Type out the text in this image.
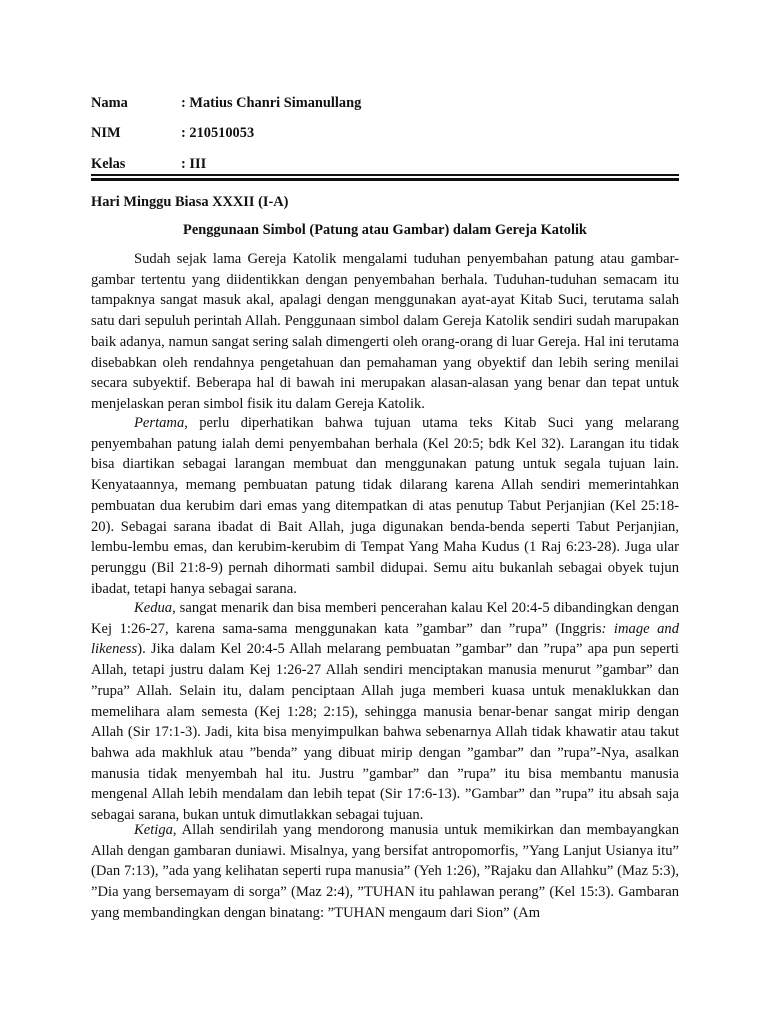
Nama	: Matius Chanri Simanullang
NIM	: 210510053
Kelas	: III
Hari Minggu Biasa XXXII (I-A)
Penggunaan Simbol (Patung atau Gambar) dalam Gereja Katolik

Sudah sejak lama Gereja Katolik mengalami tuduhan penyembahan patung atau gambar-gambar tertentu yang diidentikkan dengan penyembahan berhala. Tuduhan-tuduhan semacam itu tampaknya sangat masuk akal, apalagi dengan menggunakan ayat-ayat Kitab Suci, terutama salah satu dari sepuluh perintah Allah. Penggunaan simbol dalam Gereja Katolik sendiri sudah marupakan baik adanya, namun sangat sering salah dimengerti oleh orang-orang di luar Gereja. Hal ini terutama disebabkan oleh rendahnya pengetahuan dan pemahaman yang obyektif dan lebih sering menilai secara subyektif. Beberapa hal di bawah ini merupakan alasan-alasan yang benar dan tepat untuk menjelaskan peran simbol fisik itu dalam Gereja Katolik.

Pertama, perlu diperhatikan bahwa tujuan utama teks Kitab Suci yang melarang penyembahan patung ialah demi penyembahan berhala (Kel 20:5; bdk Kel 32). Larangan itu tidak bisa diartikan sebagai larangan membuat dan menggunakan patung untuk segala tujuan lain. Kenyataannya, memang pembuatan patung tidak dilarang karena Allah sendiri memerintahkan pembuatan dua kerubim dari emas yang ditempatkan di atas penutup Tabut Perjanjian (Kel 25:18-20). Sebagai sarana ibadat di Bait Allah, juga digunakan benda-benda seperti Tabut Perjanjian, lembu-lembu emas, dan kerubim-kerubim di Tempat Yang Maha Kudus (1 Raj 6:23-28). Juga ular perunggu (Bil 21:8-9) pernah dihormati sambil didupai. Semu aitu bukanlah sebagai obyek tujun ibadat, tetapi hanya sebagai sarana.

Kedua, sangat menarik dan bisa memberi pencerahan kalau Kel 20:4-5 dibandingkan dengan Kej 1:26-27, karena sama-sama menggunakan kata ”gambar” dan ”rupa” (Inggris: image and likeness). Jika dalam Kel 20:4-5 Allah melarang pembuatan ”gambar” dan ”rupa” apa pun seperti Allah, tetapi justru dalam Kej 1:26-27 Allah sendiri menciptakan manusia menurut ”gambar” dan ”rupa” Allah. Selain itu, dalam penciptaan Allah juga memberi kuasa untuk menaklukkan dan memelihara alam semesta (Kej 1:28; 2:15), sehingga manusia benar-benar sangat mirip dengan Allah (Sir 17:1-3). Jadi, kita bisa menyimpulkan bahwa sebenarnya Allah tidak khawatir atau takut bahwa ada makhluk atau ”benda” yang dibuat mirip dengan ”gambar” dan ”rupa”-Nya, asalkan manusia tidak menyembah hal itu. Justru ”gambar” dan ”rupa” itu bisa membantu manusia mengenal Allah lebih mendalam dan lebih tepat (Sir 17:6-13). ”Gambar” dan ”rupa” itu absah saja sebagai sarana, bukan untuk dimutlakkan sebagai tujuan.

Ketiga, Allah sendirilah yang mendorong manusia untuk memikirkan dan membayangkan Allah dengan gambaran duniawi. Misalnya, yang bersifat antropomorfis, ”Yang Lanjut Usianya itu” (Dan 7:13), ”ada yang kelihatan seperti rupa manusia” (Yeh 1:26), ”Rajaku dan Allahku” (Maz 5:3), ”Dia yang bersemayam di sorga” (Maz 2:4), ”TUHAN itu pahlawan perang” (Kel 15:3). Gambaran yang membandingkan dengan binatang: ”TUHAN mengaum dari Sion” (Am
